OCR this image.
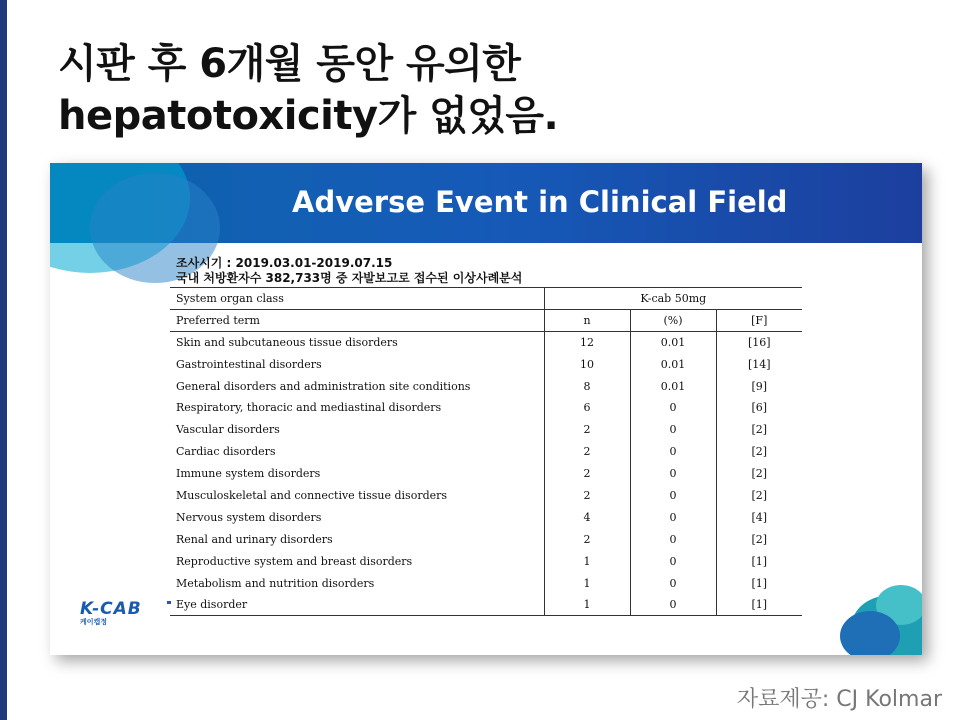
시판 후 6개월 동안 유의한
hepatotoxicity가 없었음.
Adverse Event in Clinical Field
조사시기 : 2019.03.01-2019.07.15
국내 처방환자수 382,733명 중 자발보고로 접수된 이상사례분석
System organ class	K-cab 50mg		
Preferred term	n	(%)	[F]
Skin and subcutaneous tissue disorders	12	0.01	[16]
Gastrointestinal disorders	10	0.01	[14]
General disorders and administration site conditions	8	0.01	[9]
Respiratory, thoracic and mediastinal disorders	6	0	[6]
Vascular disorders	2	0	[2]
Cardiac disorders	2	0	[2]
Immune system disorders	2	0	[2]
Musculoskeletal and connective tissue disorders	2	0	[2]
Nervous system disorders	4	0	[4]
Renal and urinary disorders	2	0	[2]
Reproductive system and breast disorders	1	0	[1]
Metabolism and nutrition disorders	1	0	[1]
Eye disorder	1	0	[1]
K-CAB
케이캡정
자료제공: CJ Kolmar
